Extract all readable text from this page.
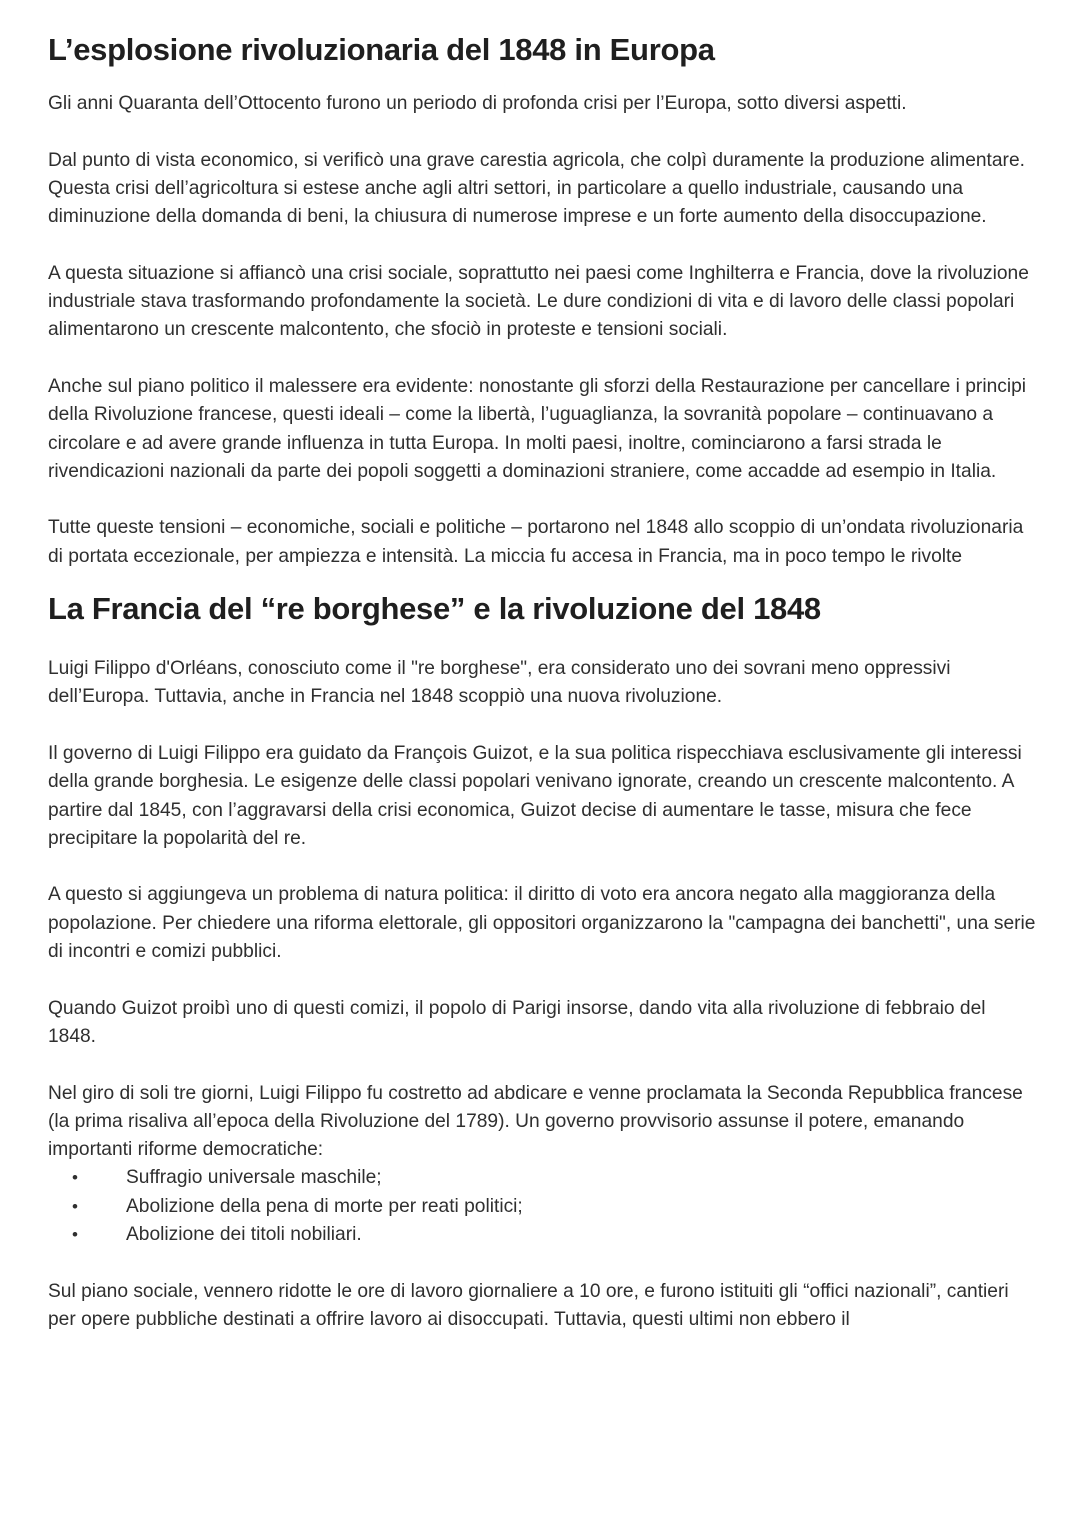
L’esplosione rivoluzionaria del 1848 in Europa

Gli anni Quaranta dell’Ottocento furono un periodo di profonda crisi per l’Europa, sotto diversi aspetti.

Dal punto di vista economico, si verificò una grave carestia agricola, che colpì duramente la produzione alimentare. Questa crisi dell’agricoltura si estese anche agli altri settori, in particolare a quello industriale, causando una diminuzione della domanda di beni, la chiusura di numerose imprese e un forte aumento della disoccupazione.

A questa situazione si affiancò una crisi sociale, soprattutto nei paesi come Inghilterra e Francia, dove la rivoluzione industriale stava trasformando profondamente la società. Le dure condizioni di vita e di lavoro delle classi popolari alimentarono un crescente malcontento, che sfociò in proteste e tensioni sociali.

Anche sul piano politico il malessere era evidente: nonostante gli sforzi della Restaurazione per cancellare i principi della Rivoluzione francese, questi ideali – come la libertà, l’uguaglianza, la sovranità popolare – continuavano a circolare e ad avere grande influenza in tutta Europa. In molti paesi, inoltre, cominciarono a farsi strada le rivendicazioni nazionali da parte dei popoli soggetti a dominazioni straniere, come accadde ad esempio in Italia.

Tutte queste tensioni – economiche, sociali e politiche – portarono nel 1848 allo scoppio di un’ondata rivoluzionaria di portata eccezionale, per ampiezza e intensità. La miccia fu accesa in Francia, ma in poco tempo le rivolte

La Francia del “re borghese” e la rivoluzione del 1848

Luigi Filippo d'Orléans, conosciuto come il "re borghese", era considerato uno dei sovrani meno oppressivi dell’Europa. Tuttavia, anche in Francia nel 1848 scoppiò una nuova rivoluzione.

Il governo di Luigi Filippo era guidato da François Guizot, e la sua politica rispecchiava esclusivamente gli interessi della grande borghesia. Le esigenze delle classi popolari venivano ignorate, creando un crescente malcontento. A partire dal 1845, con l’aggravarsi della crisi economica, Guizot decise di aumentare le tasse, misura che fece precipitare la popolarità del re.

A questo si aggiungeva un problema di natura politica: il diritto di voto era ancora negato alla maggioranza della popolazione. Per chiedere una riforma elettorale, gli oppositori organizzarono la "campagna dei banchetti", una serie di incontri e comizi pubblici.

Quando Guizot proibì uno di questi comizi, il popolo di Parigi insorse, dando vita alla rivoluzione di febbraio del 1848.

Nel giro di soli tre giorni, Luigi Filippo fu costretto ad abdicare e venne proclamata la Seconda Repubblica francese (la prima risaliva all’epoca della Rivoluzione del 1789). Un governo provvisorio assunse il potere, emanando importanti riforme democratiche:

•	Suffragio universale maschile;
•	Abolizione della pena di morte per reati politici;
•	Abolizione dei titoli nobiliari.

Sul piano sociale, vennero ridotte le ore di lavoro giornaliere a 10 ore, e furono istituiti gli “offici nazionali”, cantieri per opere pubbliche destinati a offrire lavoro ai disoccupati. Tuttavia, questi ultimi non ebbero il
